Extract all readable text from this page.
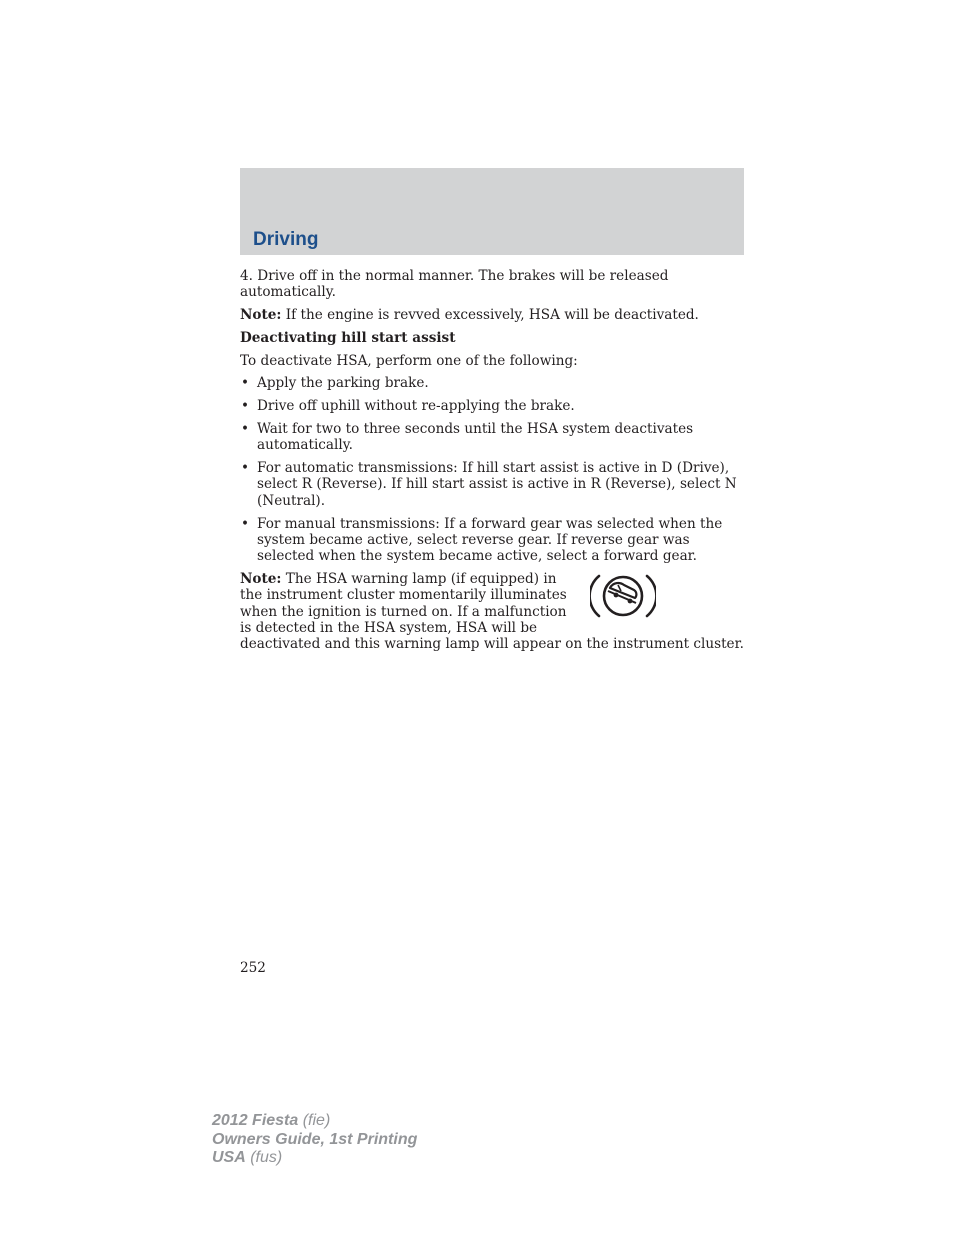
Driving

4. Drive off in the normal manner. The brakes will be released automatically.

Note: If the engine is revved excessively, HSA will be deactivated.

Deactivating hill start assist

To deactivate HSA, perform one of the following:

• Apply the parking brake.
• Drive off uphill without re-applying the brake.
• Wait for two to three seconds until the HSA system deactivates automatically.
• For automatic transmissions: If hill start assist is active in D (Drive), select R (Reverse). If hill start assist is active in R (Reverse), select N (Neutral).
• For manual transmissions: If a forward gear was selected when the system became active, select reverse gear. If reverse gear was selected when the system became active, select a forward gear.

Note: The HSA warning lamp (if equipped) in the instrument cluster momentarily illuminates when the ignition is turned on. If a malfunction is detected in the HSA system, HSA will be deactivated and this warning lamp will appear on the instrument cluster.

252
2012 Fiesta (fie)
Owners Guide, 1st Printing
USA (fus)
